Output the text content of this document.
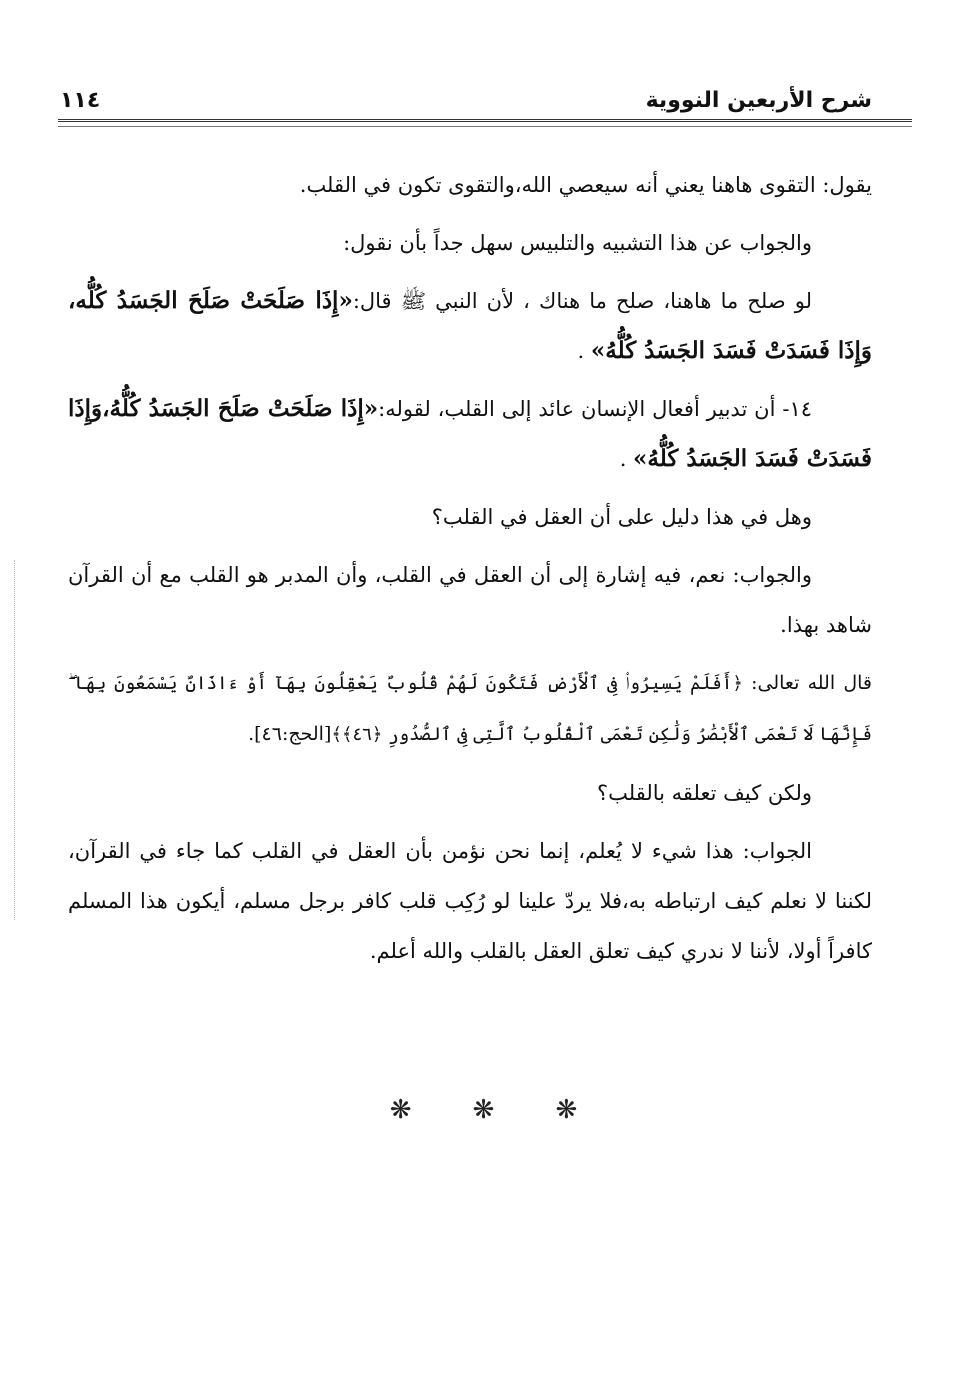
شرح الأربعين النووية
١١٤

يقول: التقوى هاهنا يعني أنه سيعصي الله،والتقوى تكون في القلب.

والجواب عن هذا التشبيه والتلبيس سهل جداً بأن نقول:

لو صلح ما هاهنا، صلح ما هناك ، لأن النبي ﷺ قال:«إِذَا صَلَحَتْ صَلَحَ الجَسَدُ كُلُّه، وَإِذَا فَسَدَتْ فَسَدَ الجَسَدُ كُلُّهُ» .

١٤- أن تدبير أفعال الإنسان عائد إلى القلب، لقوله:«إِذَا صَلَحَتْ صَلَحَ الجَسَدُ كُلُّهُ،وَإِذَا فَسَدَتْ فَسَدَ الجَسَدُ كُلُّهُ» .

وهل في هذا دليل على أن العقل في القلب؟

والجواب: نعم، فيه إشارة إلى أن العقل في القلب، وأن المدبر هو القلب مع أن القرآن شاهد بهذا.

قال الله تعالى: ﴿أَفَلَمْ يَسِيرُوا۟ فِى ٱلْأَرْضِ فَتَكُونَ لَهُمْ قُلُوبٌ يَعْقِلُونَ بِهَآ أَوْ ءَاذَانٌ يَسْمَعُونَ بِهَا ۖ فَإِنَّهَا لَا تَعْمَى ٱلْأَبْصَٰرُ وَلَٰكِن تَعْمَى ٱلْقُلُوبُ ٱلَّتِى فِى ٱلصُّدُورِ ﴿٤٦﴾﴾[الحج:٤٦].

ولكن كيف تعلقه بالقلب؟

الجواب: هذا شيء لا يُعلم، إنما نحن نؤمن بأن العقل في القلب كما جاء في القرآن، لكننا لا نعلم كيف ارتباطه به،فلا يردّ علينا لو رُكِب قلب كافر برجل مسلم، أيكون هذا المسلم كافراً أولا، لأننا لا ندري كيف تعلق العقل بالقلب والله أعلم.

❋ ❋ ❋
